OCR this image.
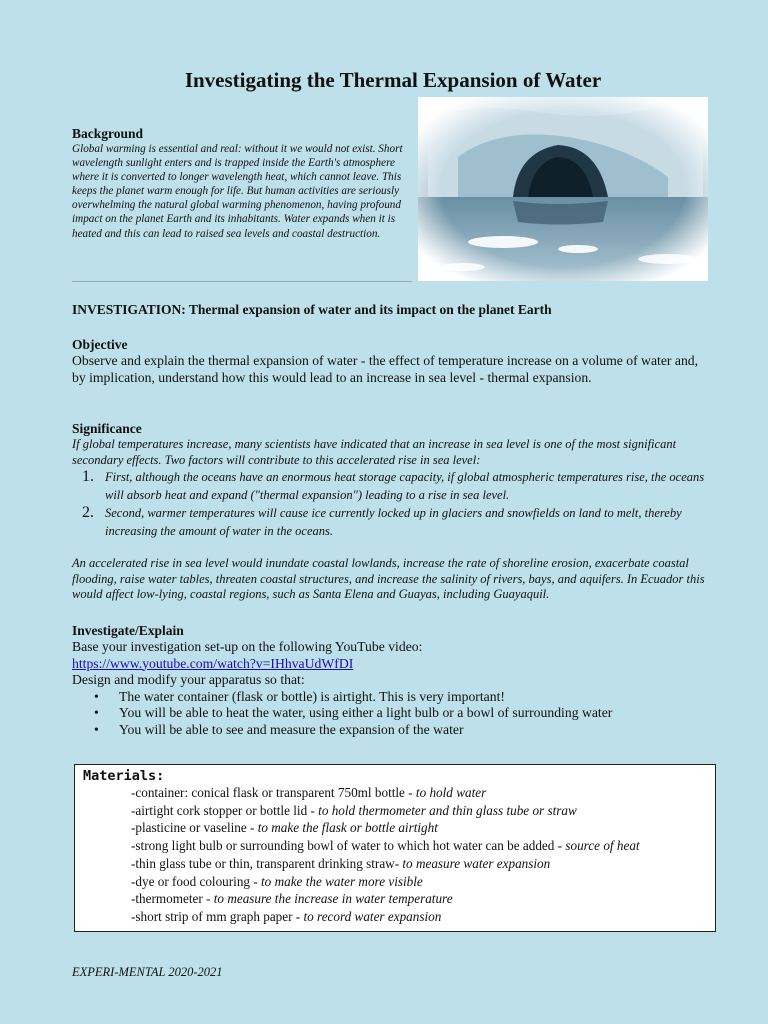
Investigating the Thermal Expansion of Water
Background
Global warming is essential and real: without it we would not exist. Short wavelength sunlight enters and is trapped inside the Earth's atmosphere where it is converted to longer wavelength heat, which cannot leave. This keeps the planet warm enough for life. But human activities are seriously overwhelming the natural global warming phenomenon, having profound impact on the planet Earth and its inhabitants. Water expands when it is heated and this can lead to raised sea levels and coastal destruction.
INVESTIGATION: Thermal expansion of water and its impact on the planet Earth
Objective
Observe and explain the thermal expansion of water - the effect of temperature increase on a volume of water and, by implication, understand how this would lead to an increase in sea level - thermal expansion.
Significance
If global temperatures increase, many scientists have indicated that an increase in sea level is one of the most significant secondary effects. Two factors will contribute to this accelerated rise in sea level:
1. First, although the oceans have an enormous heat storage capacity, if global atmospheric temperatures rise, the oceans will absorb heat and expand ("thermal expansion") leading to a rise in sea level.
2. Second, warmer temperatures will cause ice currently locked up in glaciers and snowfields on land to melt, thereby increasing the amount of water in the oceans.
An accelerated rise in sea level would inundate coastal lowlands, increase the rate of shoreline erosion, exacerbate coastal flooding, raise water tables, threaten coastal structures, and increase the salinity of rivers, bays, and aquifers. In Ecuador this would affect low-lying, coastal regions, such as Santa Elena and Guayas, including Guayaquil.
Investigate/Explain
Base your investigation set-up on the following YouTube video:
https://www.youtube.com/watch?v=IHhvaUdWfDI
Design and modify your apparatus so that:
• The water container (flask or bottle) is airtight. This is very important!
• You will be able to heat the water, using either a light bulb or a bowl of surrounding water
• You will be able to see and measure the expansion of the water
Materials:
-container: conical flask or transparent 750ml bottle - to hold water
-airtight cork stopper or bottle lid - to hold thermometer and thin glass tube or straw
-plasticine or vaseline - to make the flask or bottle airtight
-strong light bulb or surrounding bowl of water to which hot water can be added - source of heat
-thin glass tube or thin, transparent drinking straw- to measure water expansion
-dye or food colouring - to make the water more visible
-thermometer - to measure the increase in water temperature
-short strip of mm graph paper - to record water expansion
EXPERI-MENTAL 2020-2021
